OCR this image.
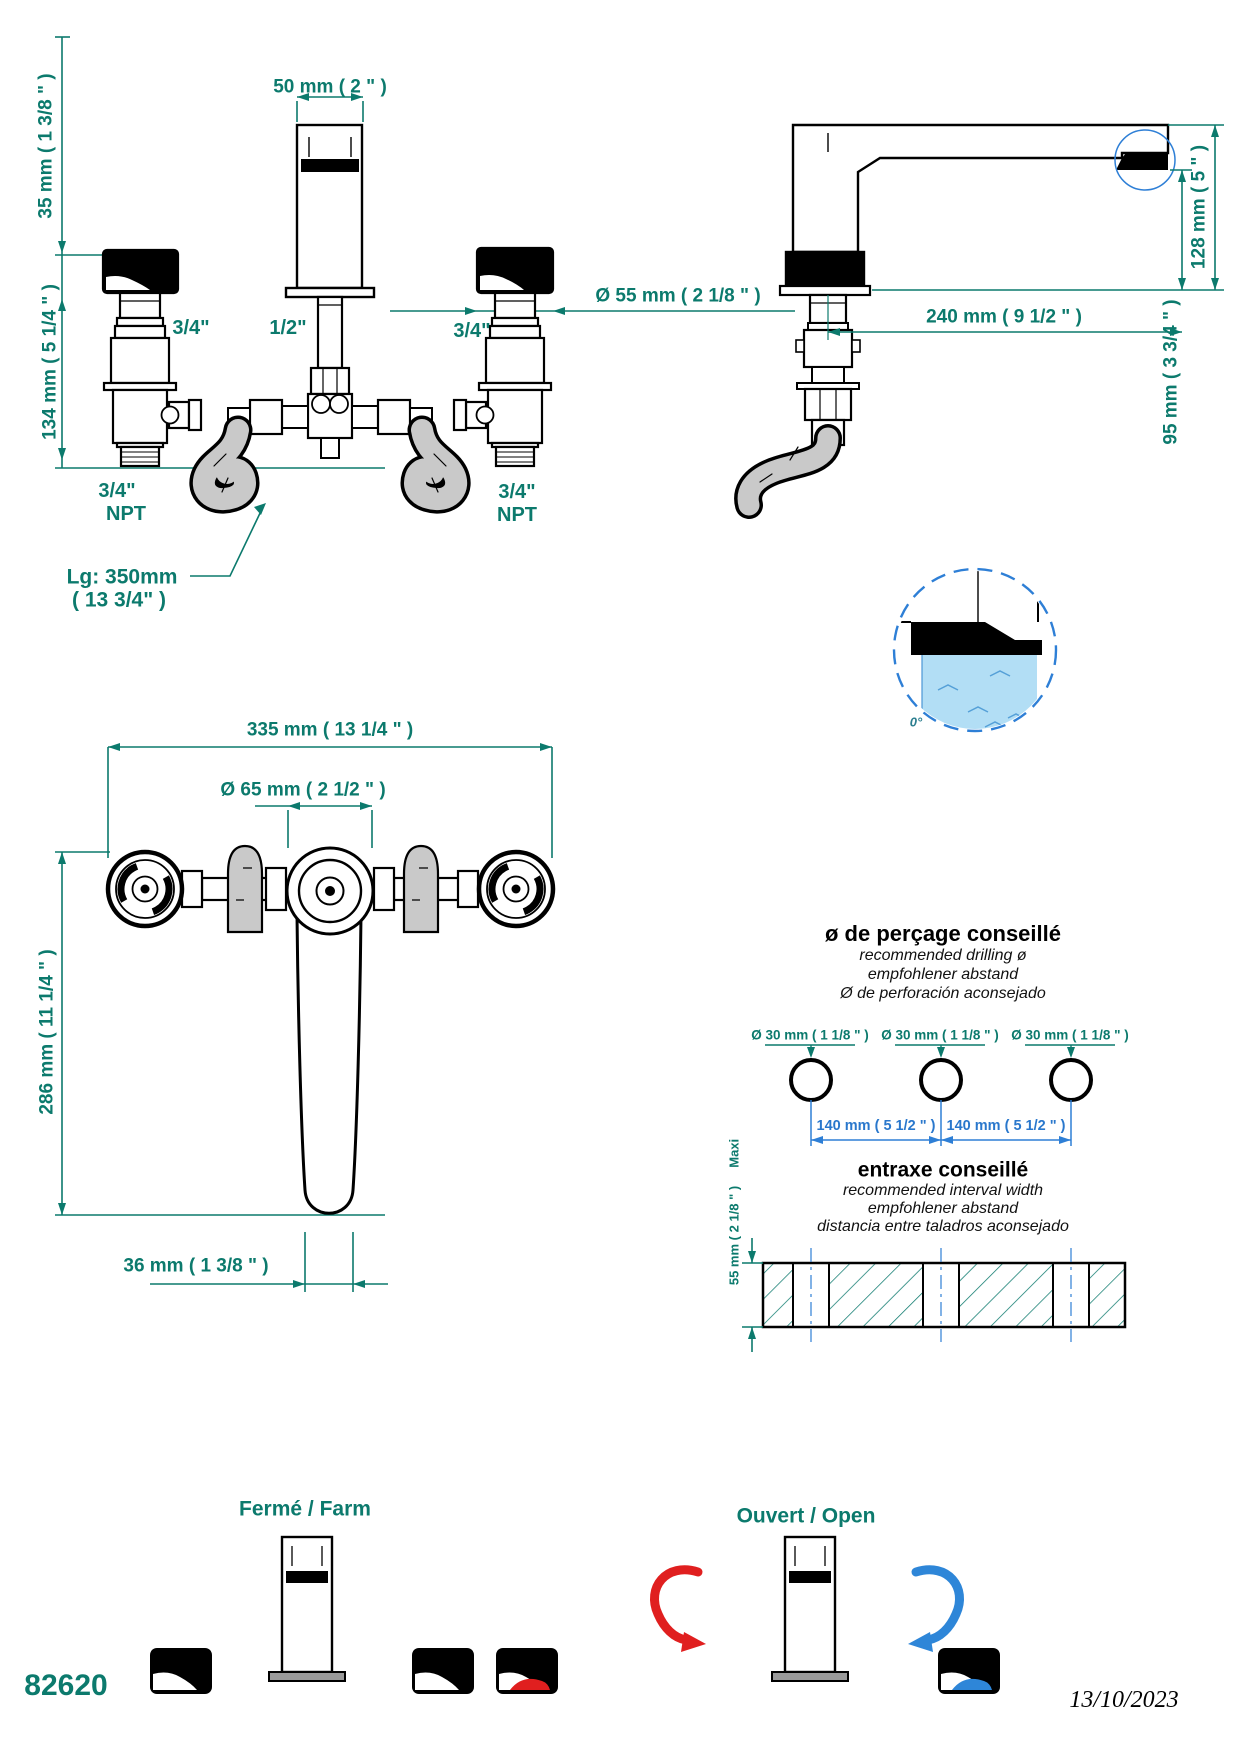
35 mm ( 1 3/8 " )
134 mm ( 5 1/4 " )
50 mm ( 2 " )
3/4"	1/2"	3/4"
Ø 55 mm ( 2 1/8 " )
3/4"
NPT
3/4"
NPT
Lg: 350mm
( 13 3/4" )
128 mm ( 5 " )
240 mm ( 9 1/2 " )	95 mm ( 3 3/4 " )
0°
335 mm ( 13 1/4 " )
Ø 65 mm ( 2 1/2 " )
286 mm ( 11 1/4 " )
36 mm ( 1 3/8 " )
ø de perçage conseillé
recommended drilling ø
empfohlener abstand
Ø de perforación aconsejado
Ø 30 mm ( 1 1/8 " ) Ø 30 mm ( 1 1/8 " ) Ø 30 mm ( 1 1/8 " )
140 mm ( 5 1/2 " ) 140 mm ( 5 1/2 " )
entraxe conseillé
recommended interval width
empfohlener abstand
distancia entre taladros aconsejado
55 mm ( 2 1/8 " )
Maxi
Fermé / Farm	Ouvert / Open
82620	13/10/2023
